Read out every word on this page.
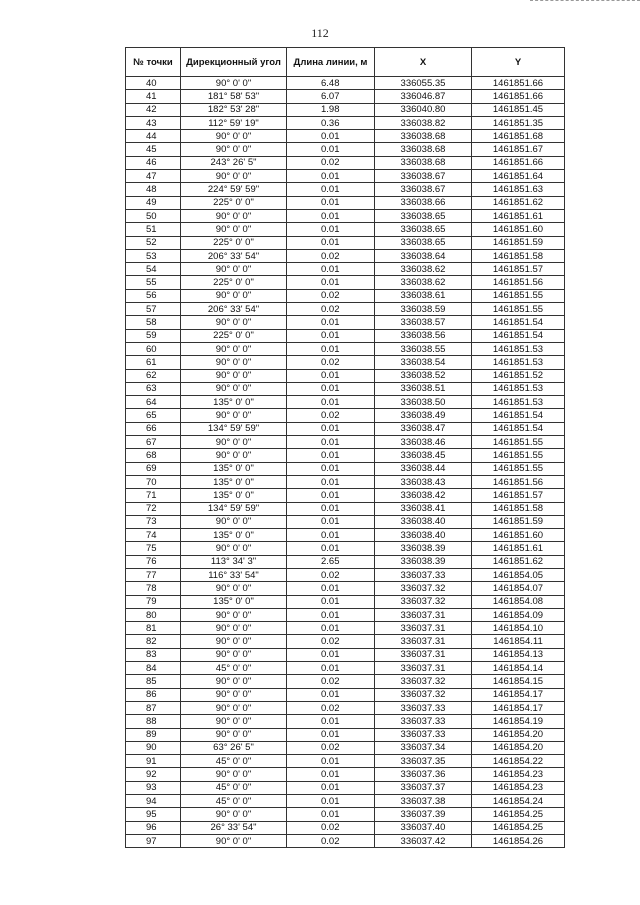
112
№ точки	Дирекционный угол	Длина линии, м	X	Y
40	90° 0' 0"	6.48	336055.35	1461851.66
41	181° 58' 53"	6.07	336046.87	1461851.66
42	182° 53' 28"	1.98	336040.80	1461851.45
43	112° 59' 19"	0.36	336038.82	1461851.35
44	90° 0' 0"	0.01	336038.68	1461851.68
45	90° 0' 0"	0.01	336038.68	1461851.67
46	243° 26' 5"	0.02	336038.68	1461851.66
47	90° 0' 0"	0.01	336038.67	1461851.64
48	224° 59' 59"	0.01	336038.67	1461851.63
49	225° 0' 0"	0.01	336038.66	1461851.62
50	90° 0' 0"	0.01	336038.65	1461851.61
51	90° 0' 0"	0.01	336038.65	1461851.60
52	225° 0' 0"	0.01	336038.65	1461851.59
53	206° 33' 54"	0.02	336038.64	1461851.58
54	90° 0' 0"	0.01	336038.62	1461851.57
55	225° 0' 0"	0.01	336038.62	1461851.56
56	90° 0' 0"	0.02	336038.61	1461851.55
57	206° 33' 54"	0.02	336038.59	1461851.55
58	90° 0' 0"	0.01	336038.57	1461851.54
59	225° 0' 0"	0.01	336038.56	1461851.54
60	90° 0' 0"	0.01	336038.55	1461851.53
61	90° 0' 0"	0.02	336038.54	1461851.53
62	90° 0' 0"	0.01	336038.52	1461851.52
63	90° 0' 0"	0.01	336038.51	1461851.53
64	135° 0' 0"	0.01	336038.50	1461851.53
65	90° 0' 0"	0.02	336038.49	1461851.54
66	134° 59' 59"	0.01	336038.47	1461851.54
67	90° 0' 0"	0.01	336038.46	1461851.55
68	90° 0' 0"	0.01	336038.45	1461851.55
69	135° 0' 0"	0.01	336038.44	1461851.55
70	135° 0' 0"	0.01	336038.43	1461851.56
71	135° 0' 0"	0.01	336038.42	1461851.57
72	134° 59' 59"	0.01	336038.41	1461851.58
73	90° 0' 0"	0.01	336038.40	1461851.59
74	135° 0' 0"	0.01	336038.40	1461851.60
75	90° 0' 0"	0.01	336038.39	1461851.61
76	113° 34' 3"	2.65	336038.39	1461851.62
77	116° 33' 54"	0.02	336037.33	1461854.05
78	90° 0' 0"	0.01	336037.32	1461854.07
79	135° 0' 0"	0.01	336037.32	1461854.08
80	90° 0' 0"	0.01	336037.31	1461854.09
81	90° 0' 0"	0.01	336037.31	1461854.10
82	90° 0' 0"	0.02	336037.31	1461854.11
83	90° 0' 0"	0.01	336037.31	1461854.13
84	45° 0' 0"	0.01	336037.31	1461854.14
85	90° 0' 0"	0.02	336037.32	1461854.15
86	90° 0' 0"	0.01	336037.32	1461854.17
87	90° 0' 0"	0.02	336037.33	1461854.17
88	90° 0' 0"	0.01	336037.33	1461854.19
89	90° 0' 0"	0.01	336037.33	1461854.20
90	63° 26' 5"	0.02	336037.34	1461854.20
91	45° 0' 0"	0.01	336037.35	1461854.22
92	90° 0' 0"	0.01	336037.36	1461854.23
93	45° 0' 0"	0.01	336037.37	1461854.23
94	45° 0' 0"	0.01	336037.38	1461854.24
95	90° 0' 0"	0.01	336037.39	1461854.25
96	26° 33' 54"	0.02	336037.40	1461854.25
97	90° 0' 0"	0.02	336037.42	1461854.26
